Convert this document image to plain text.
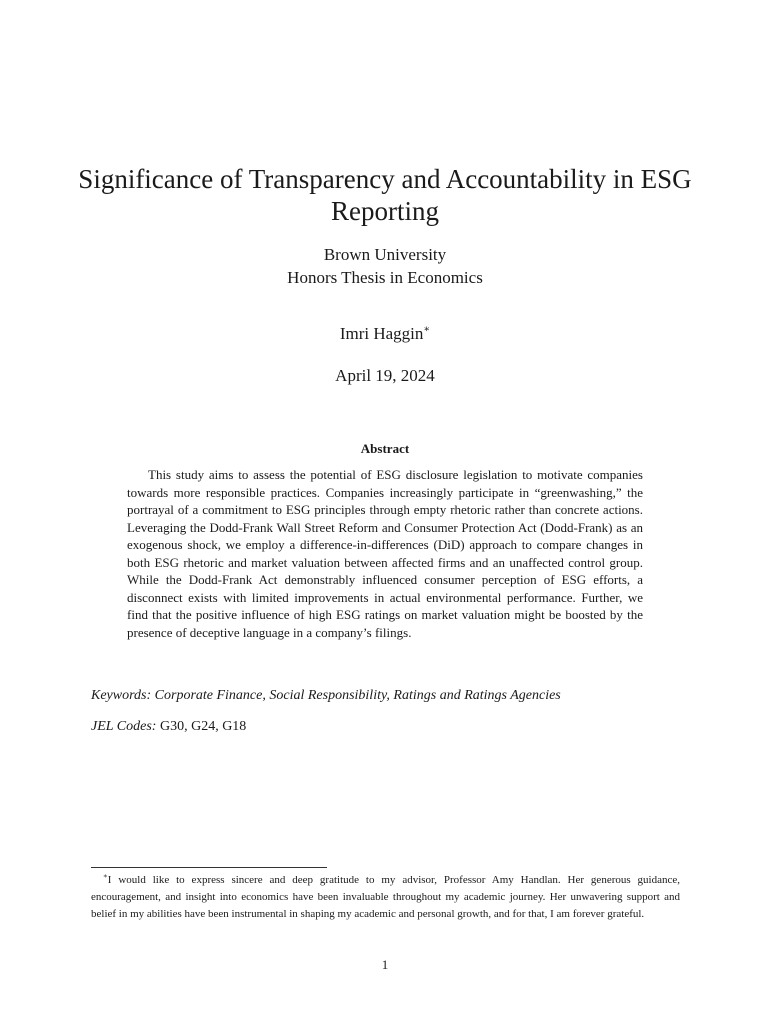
Significance of Transparency and Accountability in ESG Reporting
Brown University
Honors Thesis in Economics
Imri Haggin∗
April 19, 2024
Abstract

This study aims to assess the potential of ESG disclosure legislation to motivate companies towards more responsible practices. Companies increasingly participate in “greenwashing,” the portrayal of a commitment to ESG principles through empty rhetoric rather than concrete actions. Leveraging the Dodd-Frank Wall Street Reform and Consumer Protection Act (Dodd-Frank) as an exogenous shock, we employ a difference-in-differences (DiD) approach to compare changes in both ESG rhetoric and market valuation between affected firms and an unaffected control group. While the Dodd-Frank Act demonstrably influenced consumer perception of ESG efforts, a disconnect exists with limited improvements in actual environmental performance. Further, we find that the positive influence of high ESG ratings on market valuation might be boosted by the presence of deceptive language in a company’s filings.

Keywords: Corporate Finance, Social Responsibility, Ratings and Ratings Agencies
JEL Codes: G30, G24, G18

∗I would like to express sincere and deep gratitude to my advisor, Professor Amy Handlan. Her generous guidance, encouragement, and insight into economics have been invaluable throughout my academic journey. Her unwavering support and belief in my abilities have been instrumental in shaping my academic and personal growth, and for that, I am forever grateful.

1
